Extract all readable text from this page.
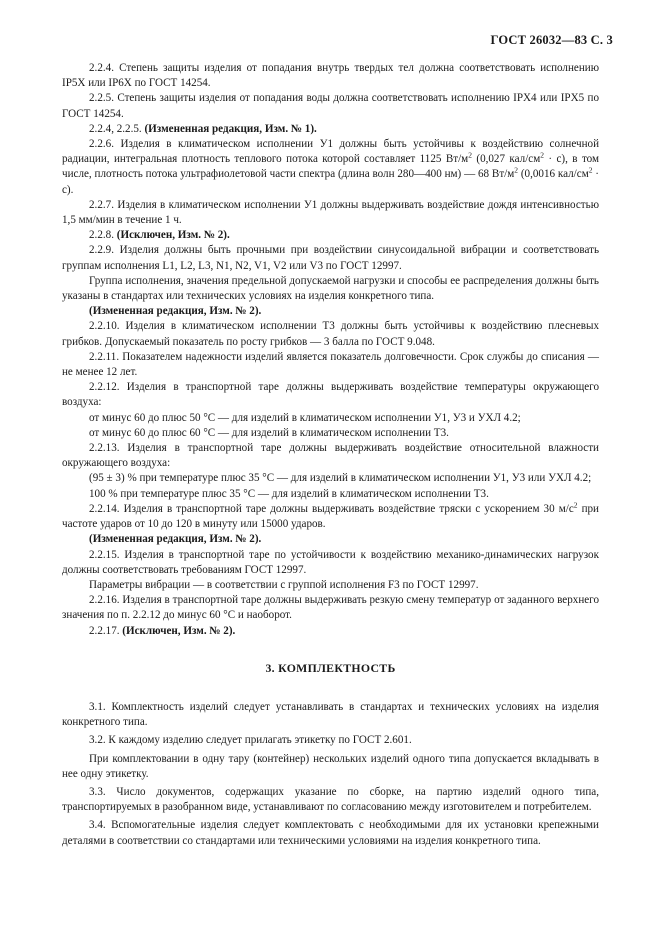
ГОСТ 26032—83 С. 3

2.2.4. Степень защиты изделия от попадания внутрь твердых тел должна соответствовать исполнению IP5X или IP6X по ГОСТ 14254.

2.2.5. Степень защиты изделия от попадания воды должна соответствовать исполнению IPX4 или IPX5 по ГОСТ 14254.

2.2.4, 2.2.5. (Измененная редакция, Изм. № 1).

2.2.6. Изделия в климатическом исполнении У1 должны быть устойчивы к воздействию солнечной радиации, интегральная плотность теплового потока которой составляет 1125 $Вт/м^2$ (0,027 кал/$см^2 \cdot с$), в том числе, плотность потока ультрафиолетовой части спектра (длина волн 280—400 нм) — 68 $Вт/м^2$ (0,0016 кал/$см^2 \cdot с$).

2.2.7. Изделия в климатическом исполнении У1 должны выдерживать воздействие дождя интенсивностью 1,5 мм/мин в течение 1 ч.

2.2.8. (Исключен, Изм. № 2).

2.2.9. Изделия должны быть прочными при воздействии синусоидальной вибрации и соответствовать группам исполнения L1, L2, L3, N1, N2, V1, V2 или V3 по ГОСТ 12997.

Группа исполнения, значения предельной допускаемой нагрузки и способы ее распределения должны быть указаны в стандартах или технических условиях на изделия конкретного типа.

(Измененная редакция, Изм. № 2).

2.2.10. Изделия в климатическом исполнении Т3 должны быть устойчивы к воздействию плесневых грибков. Допускаемый показатель по росту грибков — 3 балла по ГОСТ 9.048.

2.2.11. Показателем надежности изделий является показатель долговечности. Срок службы до списания — не менее 12 лет.

2.2.12. Изделия в транспортной таре должны выдерживать воздействие температуры окружающего воздуха:

от минус 60 до плюс 50 °С — для изделий в климатическом исполнении У1, У3 и УХЛ 4.2;

от минус 60 до плюс 60 °С — для изделий в климатическом исполнении Т3.

2.2.13. Изделия в транспортной таре должны выдерживать воздействие относительной влажности окружающего воздуха:

(95 ± 3) % при температуре плюс 35 °С — для изделий в климатическом исполнении У1, У3 или УХЛ 4.2;

100 % при температуре плюс 35 °С — для изделий в климатическом исполнении Т3.

2.2.14. Изделия в транспортной таре должны выдерживать воздействие тряски с ускорением 30 $м/с^2$ при частоте ударов от 10 до 120 в минуту или 15000 ударов.

(Измененная редакция, Изм. № 2).

2.2.15. Изделия в транспортной таре по устойчивости к воздействию механико-динамических нагрузок должны соответствовать требованиям ГОСТ 12997.

Параметры вибрации — в соответствии с группой исполнения F3 по ГОСТ 12997.

2.2.16. Изделия в транспортной таре должны выдерживать резкую смену температур от заданного верхнего значения по п. 2.2.12 до минус 60 °С и наоборот.

2.2.17. (Исключен, Изм. № 2).

3. КОМПЛЕКТНОСТЬ

3.1. Комплектность изделий следует устанавливать в стандартах и технических условиях на изделия конкретного типа.

3.2. К каждому изделию следует прилагать этикетку по ГОСТ 2.601.

При комплектовании в одну тару (контейнер) нескольких изделий одного типа допускается вкладывать в нее одну этикетку.

3.3. Число документов, содержащих указание по сборке, на партию изделий одного типа, транспортируемых в разобранном виде, устанавливают по согласованию между изготовителем и потребителем.

3.4. Вспомогательные изделия следует комплектовать с необходимыми для их установки крепежными деталями в соответствии со стандартами или техническими условиями на изделия конкретного типа.
